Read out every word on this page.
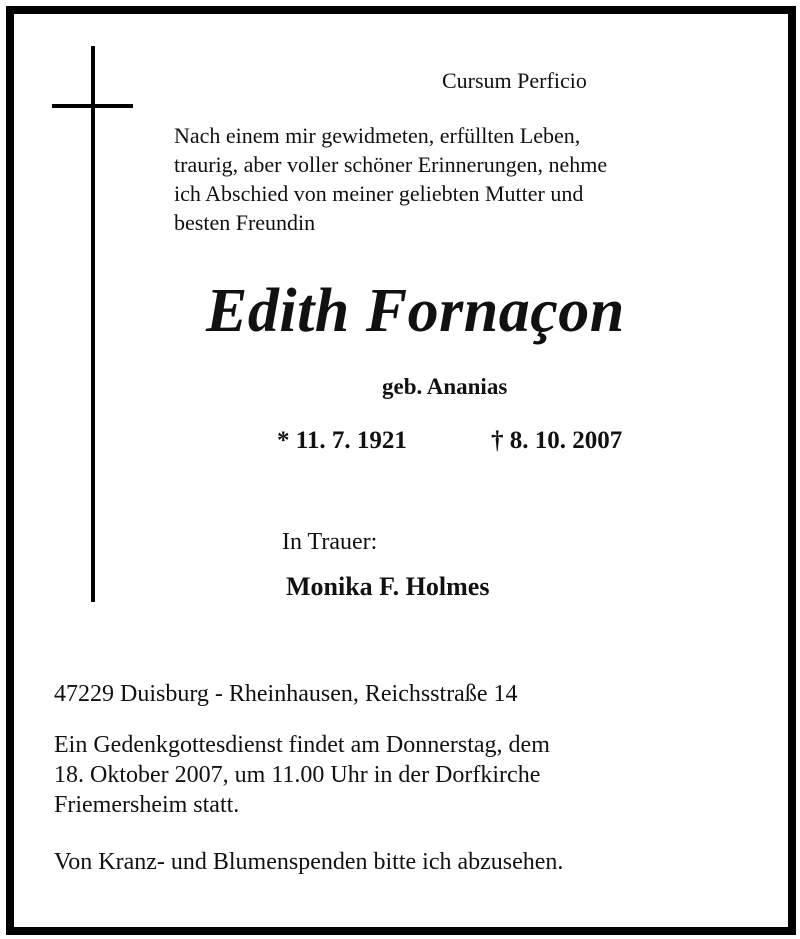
Cursum Perficio
Nach einem mir gewidmeten, erfüllten Leben,
traurig, aber voller schöner Erinnerungen, nehme
ich Abschied von meiner geliebten Mutter und
besten Freundin
Edith Fornaçon
geb. Ananias
* 11. 7. 1921	† 8. 10. 2007
In Trauer:
Monika F. Holmes
47229 Duisburg - Rheinhausen, Reichsstraße 14
Ein Gedenkgottesdienst findet am Donnerstag, dem
18. Oktober 2007, um 11.00 Uhr in der Dorfkirche
Friemersheim statt.
Von Kranz- und Blumenspenden bitte ich abzusehen.
